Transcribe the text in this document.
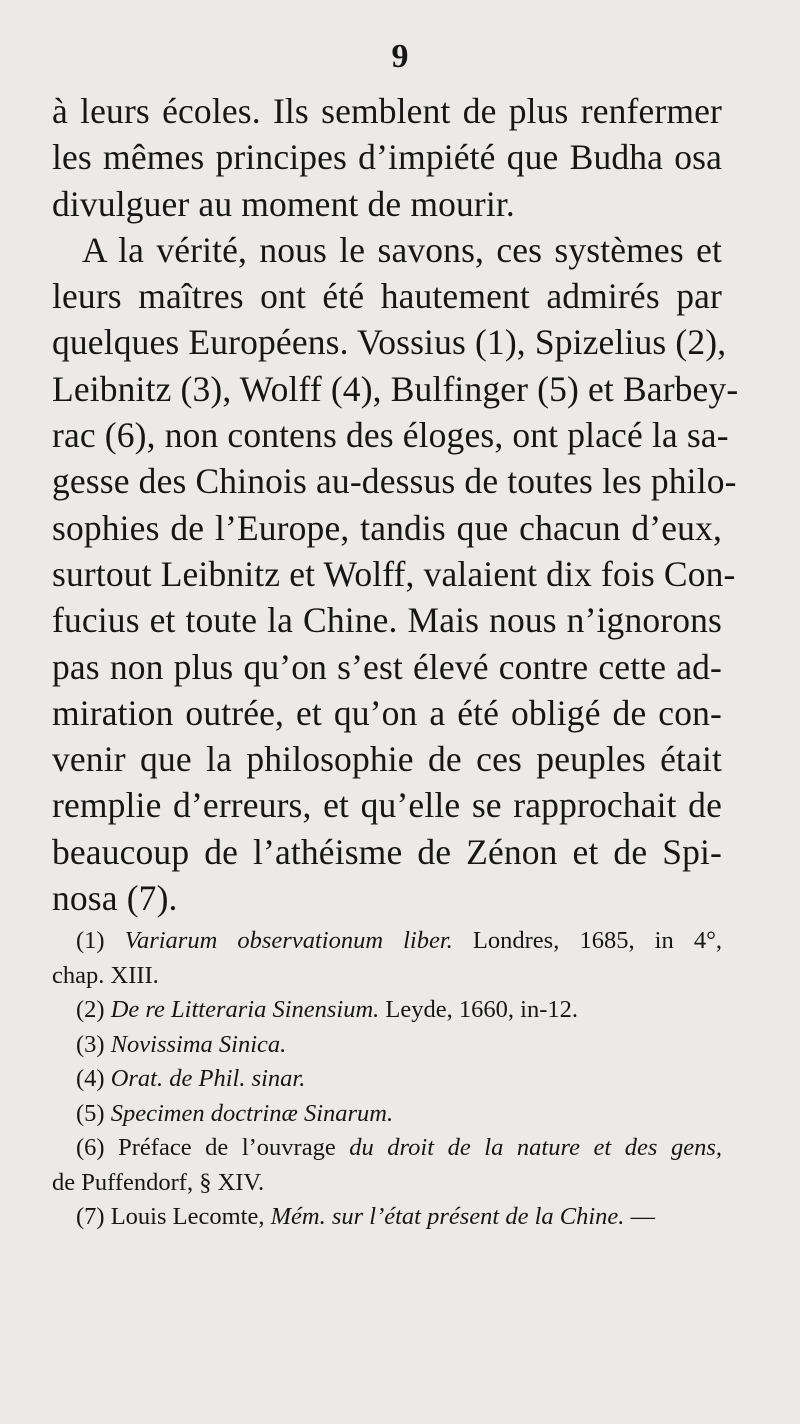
9
à leurs écoles. Ils semblent de plus renfermer
les mêmes principes d’impiété que Budha osa
divulguer au moment de mourir.
A la vérité, nous le savons, ces systèmes et
leurs maîtres ont été hautement admirés par
quelques Européens. Vossius (1), Spizelius (2),
Leibnitz (3), Wolff (4), Bulfinger (5) et Barbey-
rac (6), non contens des éloges, ont placé la sa-
gesse des Chinois au-dessus de toutes les philo-
sophies de l’Europe, tandis que chacun d’eux,
surtout Leibnitz et Wolff, valaient dix fois Con-
fucius et toute la Chine. Mais nous n’ignorons
pas non plus qu’on s’est élevé contre cette ad-
miration outrée, et qu’on a été obligé de con-
venir que la philosophie de ces peuples était
remplie d’erreurs, et qu’elle se rapprochait de
beaucoup de l’athéisme de Zénon et de Spi-
nosa (7).
(1) Variarum observationum liber. Londres, 1685, in 4°,
chap. XIII.
(2) De re Litteraria Sinensium. Leyde, 1660, in-12.
(3) Novissima Sinica.
(4) Orat. de Phil. sinar.
(5) Specimen doctrinæ Sinarum.
(6) Préface de l’ouvrage du droit de la nature et des gens,
de Puffendorf, § XIV.
(7) Louis Lecomte, Mém. sur l’état présent de la Chine. —
